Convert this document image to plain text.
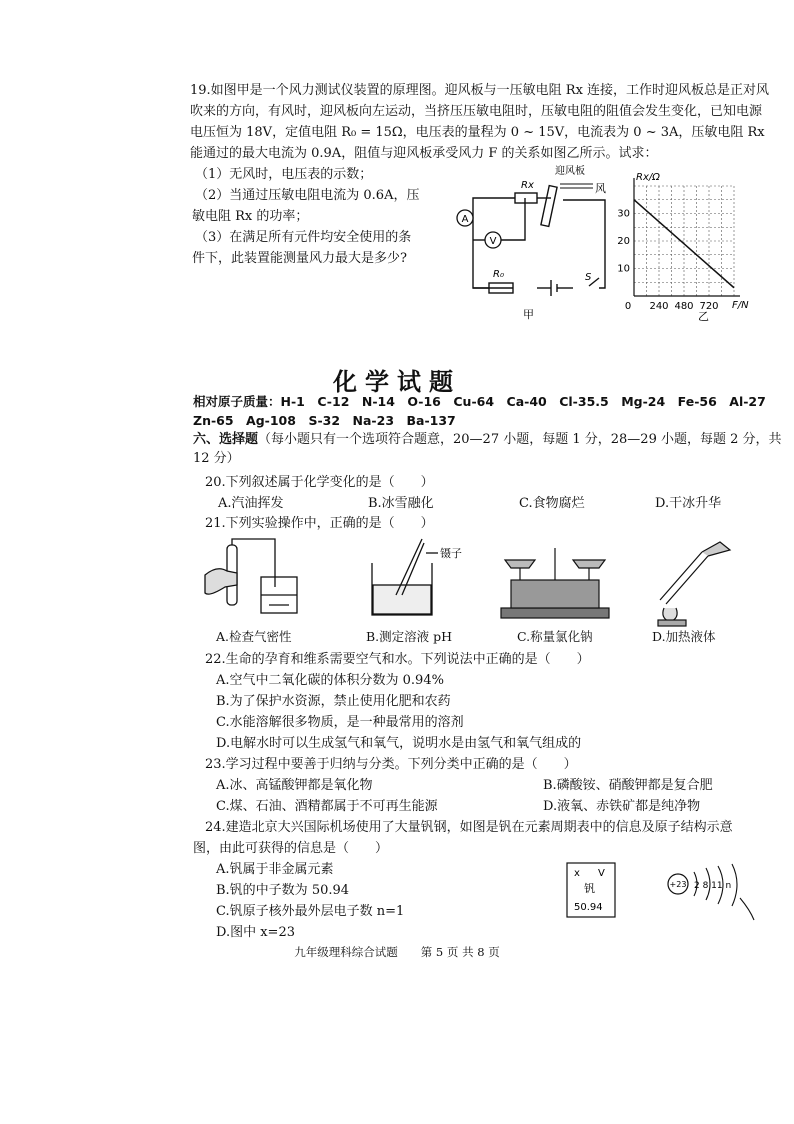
19.如图甲是一个风力测试仪装置的原理图。迎风板与一压敏电阻 Rx 连接，工作时迎风板总是正对风吹来的方向，有风时，迎风板向左运动，当挤压压敏电阻时，压敏电阻的阻值会发生变化，已知电源电压恒为 18V，定值电阻 R₀ = 15Ω，电压表的量程为 0 ~ 15V，电流表为 0 ~ 3A，压敏电阻 Rx 能通过的最大电流为 0.9A，阻值与迎风板承受风力 F 的关系如图乙所示。试求：
（1）无风时，电压表的示数；
（2）当通过压敏电阻电流为 0.6A，压
敏电阻 Rx 的功率；
（3）在满足所有元件均安全使用的条
件下，此装置能测量风力最大是多少?
A
V
Rx
R₀	S
迎风板
风
甲
Rx/Ω
F/N
0 240 480 720
10
20
30
乙
化学试题
相对原子质量：H-1　C-12　N-14　O-16　Cu-64　Ca-40　Cl-35.5　Mg-24　Fe-56　Al-27　Zn-65　Ag-108　S-32　Na-23　Ba-137
六、选择题（每小题只有一个选项符合题意，20—27 小题，每题 1 分，28—29 小题，每题 2 分，共 12 分）
20.下列叙述属于化学变化的是（　　）
A.汽油挥发	B.冰雪融化	C.食物腐烂	D.干冰升华
21.下列实验操作中，正确的是（　　）
镊子
A.检查气密性	B.测定溶液 pH	C.称量氯化钠	D.加热液体
22.生命的孕育和维系需要空气和水。下列说法中正确的是（　　）
A.空气中二氧化碳的体积分数为 0.94%
B.为了保护水资源，禁止使用化肥和农药
C.水能溶解很多物质，是一种最常用的溶剂
D.电解水时可以生成氢气和氧气，说明水是由氢气和氧气组成的
23.学习过程中要善于归纳与分类。下列分类中正确的是（　　）
A.冰、高锰酸钾都是氧化物	B.磷酸铵、硝酸钾都是复合肥
C.煤、石油、酒精都属于不可再生能源	D.液氧、赤铁矿都是纯净物
24.建造北京大兴国际机场使用了大量钒钢，如图是钒在元素周期表中的信息及原子结构示意
图，由此可获得的信息是（　　）
A.钒属于非金属元素
B.钒的中子数为 50.94
C.钒原子核外最外层电子数 n=1
D.图中 x=23
x V
钒
50.94
+23 2 8 11 n
九年级理科综合试题　　第 5 页 共 8 页
